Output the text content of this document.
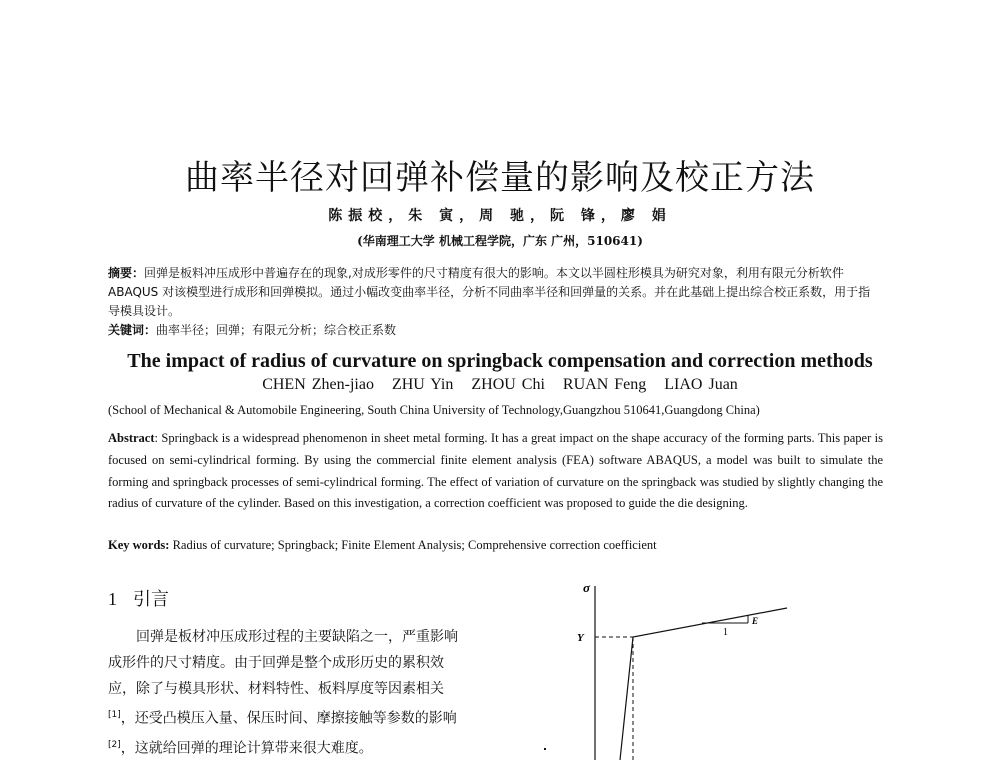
曲率半径对回弹补偿量的影响及校正方法
陈振校，朱 寅，周 驰，阮 锋，廖 娟
(华南理工大学 机械工程学院，广东 广州，510641)
摘要：回弹是板料冲压成形中普遍存在的现象,对成形零件的尺寸精度有很大的影响。本文以半圆柱形模具为研究对象，利用有限元分析软件 ABAQUS 对该模型进行成形和回弹模拟。通过小幅改变曲率半径，分析不同曲率半径和回弹量的关系。并在此基础上提出综合校正系数，用于指导模具设计。
关键词：曲率半径；回弹；有限元分析；综合校正系数
The impact of radius of curvature on springback compensation and correction methods
CHEN Zhen-jiao   ZHU Yin   ZHOU Chi   RUAN Feng   LIAO Juan
(School of Mechanical & Automobile Engineering, South China University of Technology,Guangzhou 510641,Guangdong China)
Abstract: Springback is a widespread phenomenon in sheet metal forming. It has a great impact on the shape accuracy of the forming parts. This paper is focused on semi-cylindrical forming. By using the commercial finite element analysis (FEA) software ABAQUS, a model was built to simulate the forming and springback processes of semi-cylindrical forming. The effect of variation of curvature on the springback was studied by slightly changing the radius of curvature of the cylinder. Based on this investigation, a correction coefficient was proposed to guide the die designing.
Key words: Radius of curvature; Springback; Finite Element Analysis; Comprehensive correction coefficient
1 引言

回弹是板材冲压成形过程的主要缺陷之一，严重影响成形件的尺寸精度。由于回弹是整个成形历史的累积效应，除了与模具形状、材料特性、板料厚度等因素相关[1]，还受凸模压入量、保压时间、摩擦接触等参数的影响[2]，这就给回弹的理论计算带来很大难度。

σ
Y	1
E
